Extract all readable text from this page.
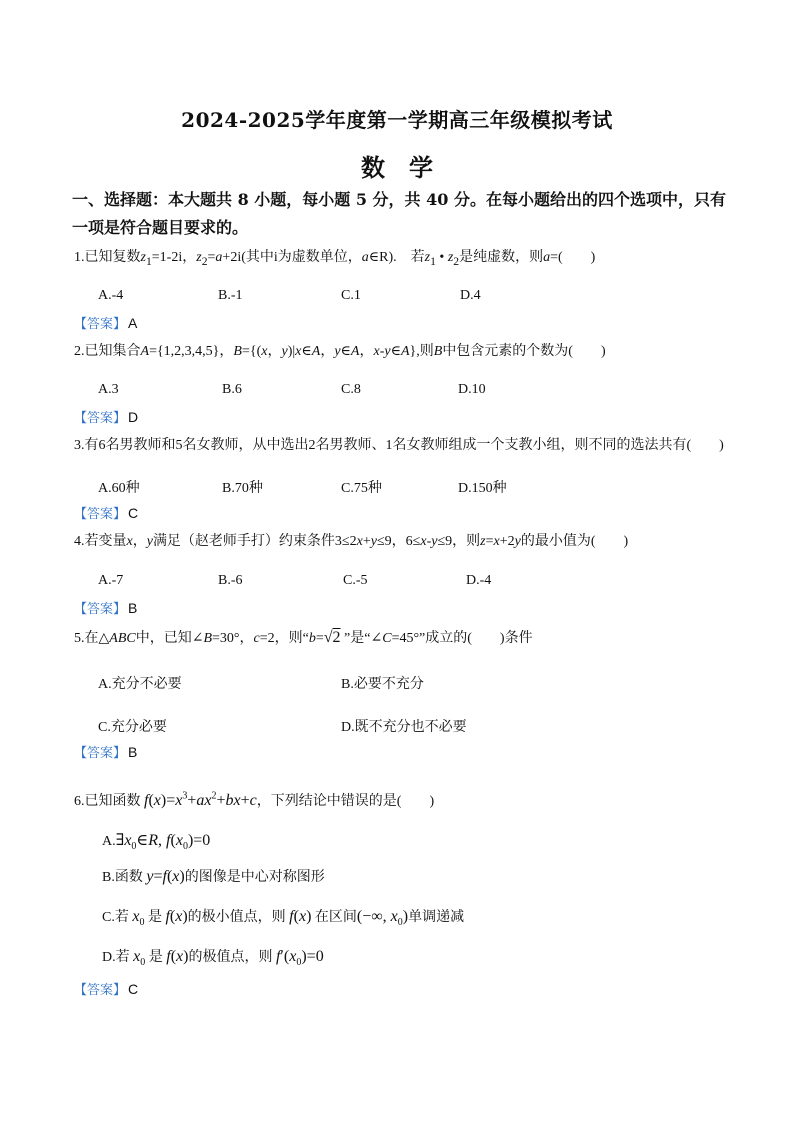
2024-2025学年度第一学期高三年级模拟考试
数　学
一、选择题：本大题共 8 小题，每小题 5 分，共 40 分。在每小题给出的四个选项中，只有一项是符合题目要求的。
1.已知复数$z_1=1-2i$，$z_2=a+2i$(其中i为虚数单位，a∈R).　若$z_1$ • $z_2$是纯虚数，则a=(　　)
A.-4	B.-1	C.1	D.4
【答案】 A
2.已知集合A={1,2,3,4,5}，B={(x，y)|x∈A，y∈A，x-y∈A},则B中包含元素的个数为(　　)
A.3	B.6	C.8	D.10
【答案】 D
3.有6名男教师和5名女教师，从中选出2名男教师、1名女教师组成一个支教小组，则不同的选法共有(　　)
A.60种	B.70种	C.75种	D.150种
【答案】 C
4.若变量x，y满足（赵老师手打）约束条件3≤2x+y≤9，6≤x-y≤9，则z=x+2y的最小值为(　　)
A.-7	B.-6	C.-5	D.-4
【答案】 B
5.在△ABC中，已知∠B=30°，c=2，则“b=√2 ”是“∠C=45°”成立的(　　)条件
A.充分不必要	B.必要不充分
C.充分必要	D.既不充分也不必要
【答案】 B
6.已知函数 $f(x)=x^3+ax^2+bx+c$，下列结论中错误的是(　　)
$A.\exists x_0\in R$, $f(x_0)=0$
B.函数 y=f(x)的图像是中心对称图形
C.若 $x_0$ 是 f(x)的极小值点，则 f(x) 在区间(−∞, $x_0$)单调递减
D.若 $x_0$ 是 f(x)的极值点，则 $f'(x_0)=0$
【答案】 C
